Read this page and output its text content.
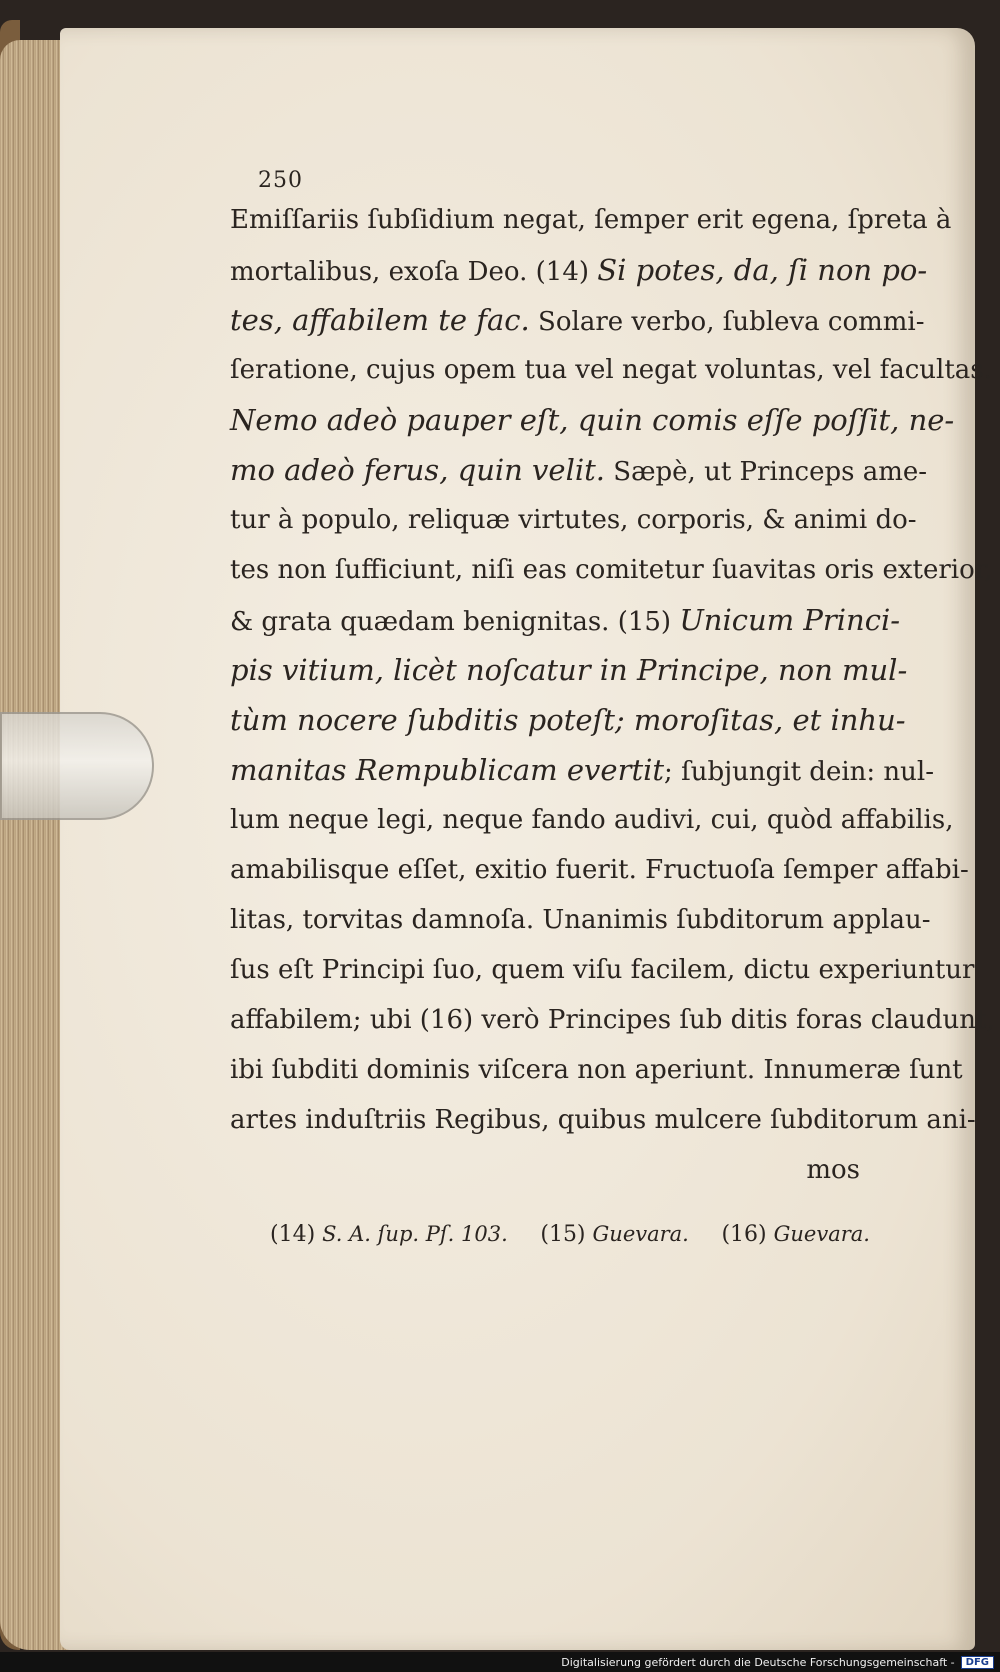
250
Emiſſariis ſubſidium negat, ſemper erit egena, ſpreta à
mortalibus, exoſa Deo. (14) Si potes, da, ſi non po-
tes, affabilem te fac. Solare verbo, ſubleva commi-
ſeratione, cujus opem tua vel negat voluntas, vel facultas.
Nemo adeò pauper eſt, quin comis eſſe poſſit, ne-
mo adeò ferus, quin velit. Sæpè, ut Princeps ame-
tur à populo, reliquæ virtutes, corporis, & animi do-
tes non ſufficiunt, niſi eas comitetur ſuavitas oris exterior,
& grata quædam benignitas. (15) Unicum Princi-
pis vitium, licèt noſcatur in Principe, non mul-
tùm nocere ſubditis poteſt; moroſitas, et inhu-
manitas Rempublicam evertit; ſubjungit dein: nul-
lum neque legi, neque fando audivi, cui, quòd affabilis,
amabilisque eſſet, exitio fuerit. Fructuoſa ſemper affabi-
litas, torvitas damnoſa. Unanimis ſubditorum applau-
ſus eſt Principi ſuo, quem viſu facilem, dictu experiuntur
affabilem; ubi (16) verò Principes ſub ditis foras claudunt,
ibi ſubditi dominis viſcera non aperiunt. Innumeræ ſunt
artes induſtriis Regibus, quibus mulcere ſubditorum ani-
mos
(14) S. A. ſup. Pſ. 103. (15) Guevara. (16) Guevara.
Digitalisierung gefördert durch die Deutsche Forschungsgemeinschaft -	DFG
